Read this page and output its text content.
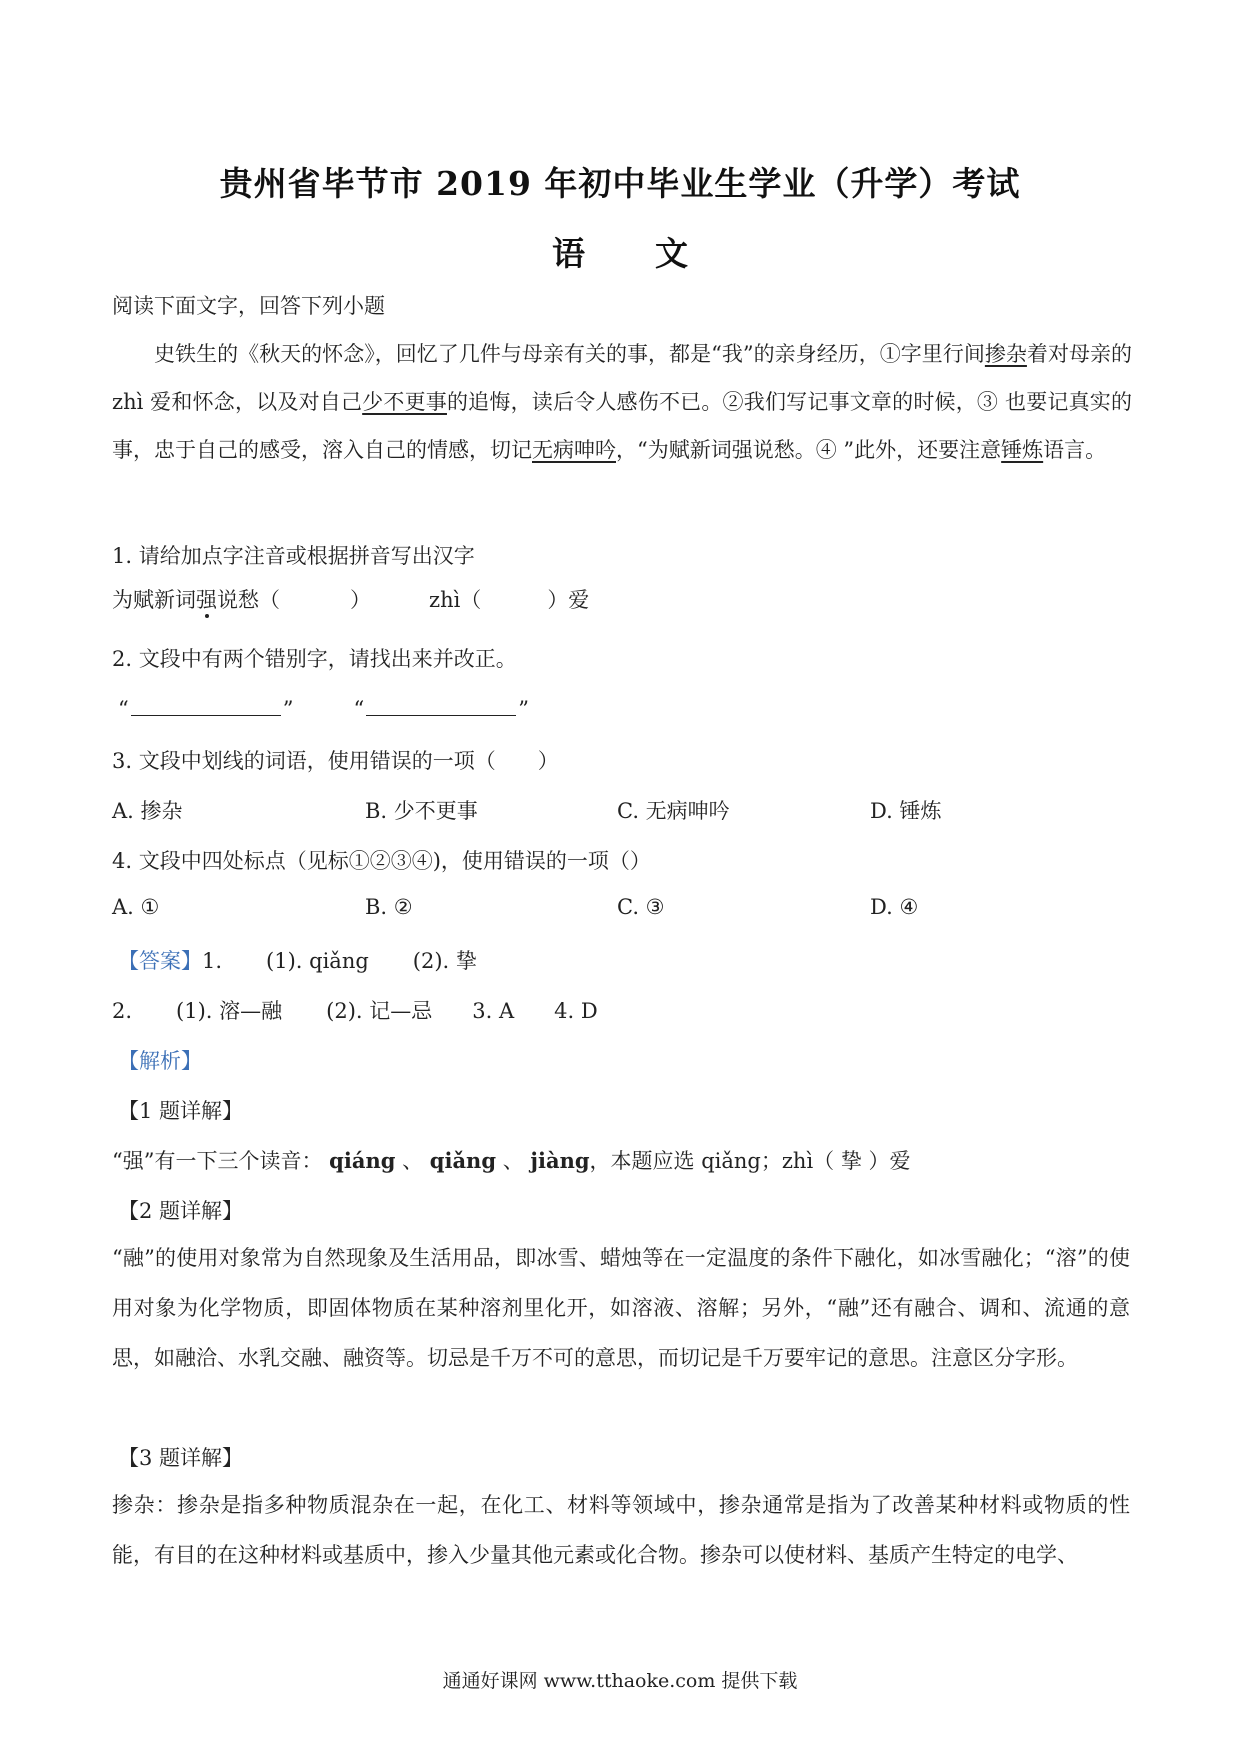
贵州省毕节市 2019 年初中毕业生学业（升学）考试
语文
阅读下面文字，回答下列小题
史铁生的《秋天的怀念》，回忆了几件与母亲有关的事，都是“我”的亲身经历，①字里行间掺杂着对母亲的 zhì 爱和怀念，以及对自己少不更事的追悔，读后令人感伤不已。②我们写记事文章的时候，③ 也要记真实的事，忠于自己的感受，溶入自己的情感，切记无病呻吟，“为赋新词强说愁。④ ”此外，还要注意锤炼语言。
1. 请给加点字注音或根据拼音写出汉字
为赋新词强说愁（	）	zhì（	）爱
2. 文段中有两个错别字，请找出来并改正。
“	”	“	”
3. 文段中划线的词语，使用错误的一项（　　）
A. 掺杂	B. 少不更事	C. 无病呻吟	D. 锤炼
4. 文段中四处标点（见标①②③④)，使用错误的一项（）
A. ①	B. ②	C. ③	D. ④
【答案】1. (1). qiǎng (2). 挚
2. (1). 溶—融 (2). 记—忌 3. A 4. D
【解析】
【1 题详解】
“强”有一下三个读音： qiáng 、 qiǎng 、 jiàng，本题应选 qiǎng；zhì（ 挚 ）爱
【2 题详解】
“融”的使用对象常为自然现象及生活用品，即冰雪、蜡烛等在一定温度的条件下融化，如冰雪融化；“溶”的使用对象为化学物质，即固体物质在某种溶剂里化开，如溶液、溶解；另外，“融”还有融合、调和、流通的意思，如融洽、水乳交融、融资等。切忌是千万不可的意思，而切记是千万要牢记的意思。注意区分字形。
【3 题详解】
掺杂：掺杂是指多种物质混杂在一起，在化工、材料等领域中，掺杂通常是指为了改善某种材料或物质的性能，有目的在这种材料或基质中，掺入少量其他元素或化合物。掺杂可以使材料、基质产生特定的电学、
通通好课网 www.tthaoke.com 提供下载
